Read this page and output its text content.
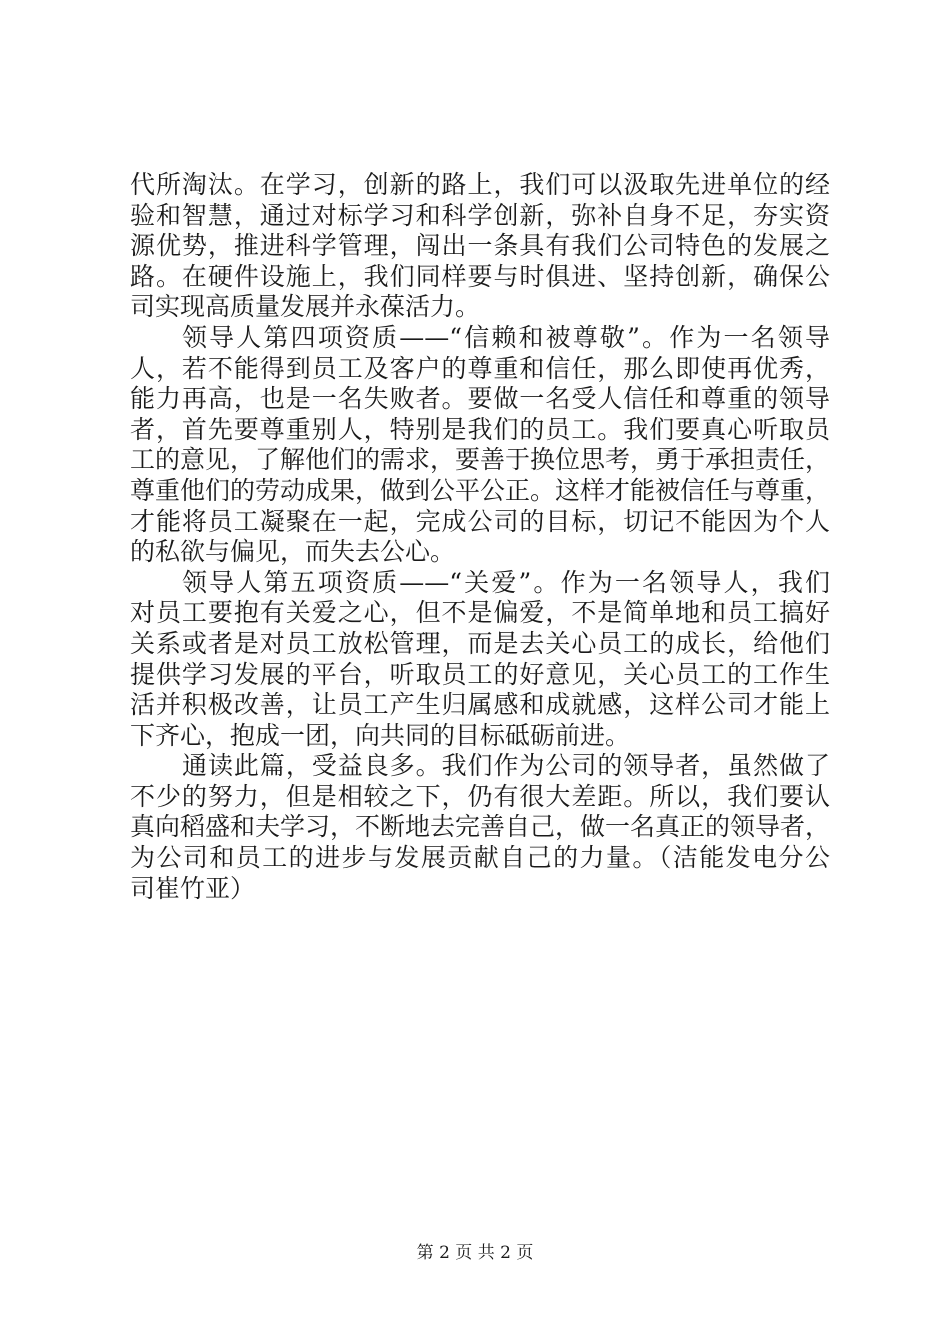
代所淘汰。在学习，创新的路上，我们可以汲取先进单位的经
验和智慧，通过对标学习和科学创新，弥补自身不足，夯实资
源优势，推进科学管理，闯出一条具有我们公司特色的发展之
路。在硬件设施上，我们同样要与时俱进、坚持创新，确保公
司实现高质量发展并永葆活力。
领导人第四项资质——“信赖和被尊敬”。作为一名领导
人，若不能得到员工及客户的尊重和信任，那么即使再优秀，
能力再高，也是一名失败者。要做一名受人信任和尊重的领导
者，首先要尊重别人，特别是我们的员工。我们要真心听取员
工的意见，了解他们的需求，要善于换位思考，勇于承担责任，
尊重他们的劳动成果，做到公平公正。这样才能被信任与尊重，
才能将员工凝聚在一起，完成公司的目标，切记不能因为个人
的私欲与偏见，而失去公心。
领导人第五项资质——“关爱”。作为一名领导人，我们
对员工要抱有关爱之心，但不是偏爱，不是简单地和员工搞好
关系或者是对员工放松管理，而是去关心员工的成长，给他们
提供学习发展的平台，听取员工的好意见，关心员工的工作生
活并积极改善，让员工产生归属感和成就感，这样公司才能上
下齐心，抱成一团，向共同的目标砥砺前进。
通读此篇，受益良多。我们作为公司的领导者，虽然做了
不少的努力，但是相较之下，仍有很大差距。所以，我们要认
真向稻盛和夫学习，不断地去完善自己，做一名真正的领导者，
为公司和员工的进步与发展贡献自己的力量。（洁能发电分公
司崔竹亚）
第 2 页 共 2 页
